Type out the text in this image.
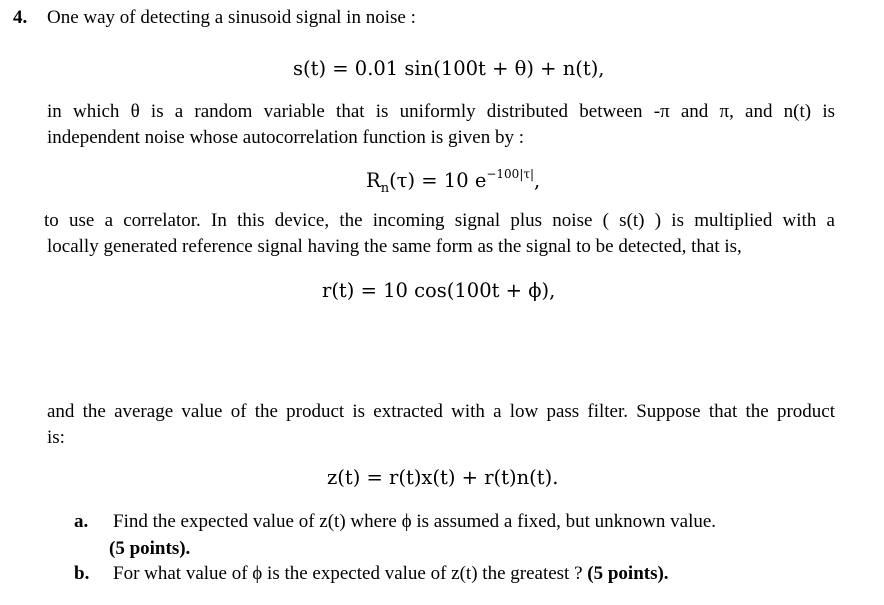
4. One way of detecting a sinusoid signal in noise :
s(t) = 0.01 sin(100t + θ) + n(t),
in which θ is a random variable that is uniformly distributed between -π and π, and n(t) is
independent noise whose autocorrelation function is given by :
$R_n(\tau) = 10$ $e^{-100|\tau|}$,
to use a correlator. In this device, the incoming signal plus noise ( s(t) ) is multiplied with a
locally generated reference signal having the same form as the signal to be detected, that is,
r(t) = 10 cos(100t + ϕ),
and the average value of the product is extracted with a low pass filter. Suppose that the product
is:
z(t) = r(t)x(t) + r(t)n(t).
a. Find the expected value of z(t) where ϕ is assumed a fixed, but unknown value.
(5 points).
b. For what value of ϕ is the expected value of z(t) the greatest ? (5 points).
